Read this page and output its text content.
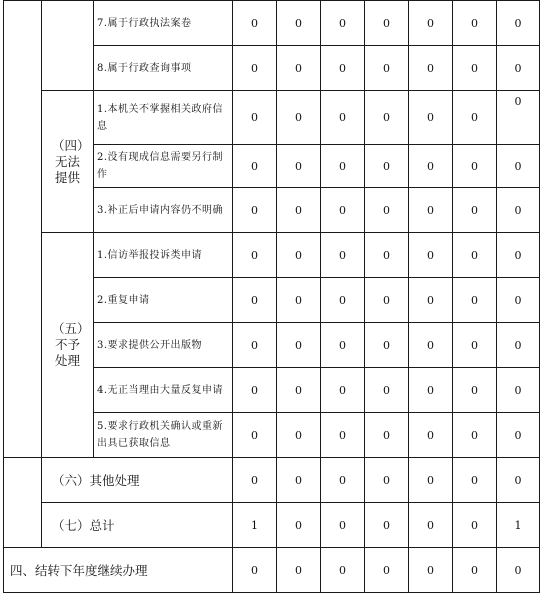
		7.属于行政执法案卷	0	0	0	0	0	0	0
		8.属于行政查询事项	0	0	0	0	0	0	0
	（四）无法提供	1.本机关不掌握相关政府信息	0	0	0	0	0	0	0
		2.没有现成信息需要另行制作	0	0	0	0	0	0	0
		3.补正后申请内容仍不明确	0	0	0	0	0	0	0
	（五）不予处理	1.信访举报投诉类申请	0	0	0	0	0	0	0
		2.重复申请	0	0	0	0	0	0	0
		3.要求提供公开出版物	0	0	0	0	0	0	0
		4.无正当理由大量反复申请	0	0	0	0	0	0	0
		5.要求行政机关确认或重新出具已获取信息	0	0	0	0	0	0	0
	（六）其他处理		0	0	0	0	0	0	0
	（七）总计		1	0	0	0	0	0	1
四、结转下年度继续办理			0	0	0	0	0	0	0
